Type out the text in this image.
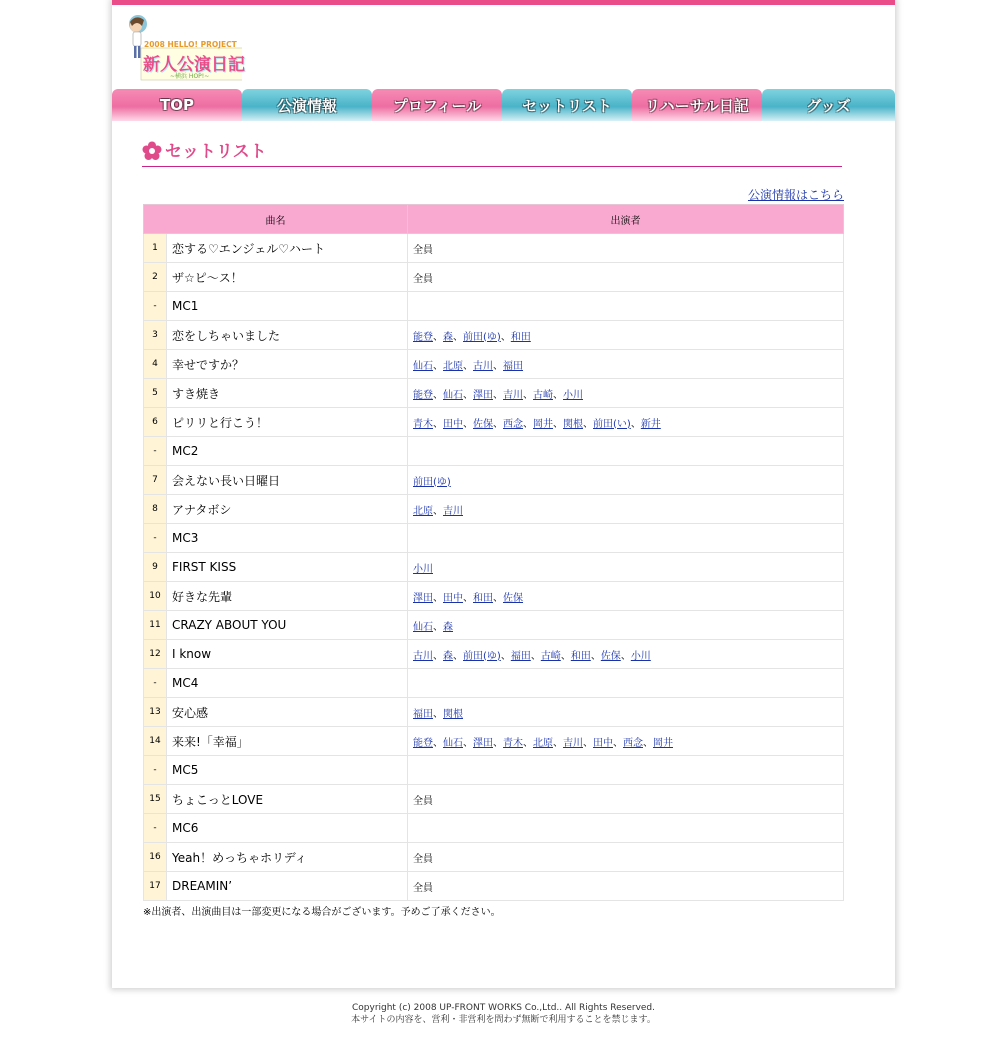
2008 HELLO! PROJECT
新人公演日記
~横浜 HOP!~
TOP	公演情報	プロフィール	セットリスト	リハーサル日記	グッズ
セットリスト
公演情報はこちら
曲名		出演者
1	恋する♡エンジェル♡ハート	全員
2	ザ☆ピ～ス！	全員
-	MC1	
3	恋をしちゃいました	能登、森、前田(ゆ)、和田
4	幸せですか？	仙石、北原、古川、福田
5	すき焼き	能登、仙石、澤田、吉川、古崎、小川
6	ピリリと行こう！	青木、田中、佐保、西念、岡井、関根、前田(い)、新井
-	MC2	
7	会えない長い日曜日	前田(ゆ)
8	アナタボシ	北原、吉川
-	MC3	
9	FIRST KISS	小川
10	好きな先輩	澤田、田中、和田、佐保
11	CRAZY ABOUT YOU	仙石、森
12	I know	古川、森、前田(ゆ)、福田、古崎、和田、佐保、小川
-	MC4	
13	安心感	福田、関根
14	来来!「幸福」	能登、仙石、澤田、青木、北原、吉川、田中、西念、岡井
-	MC5	
15	ちょこっとLOVE	全員
-	MC6	
16	Yeah！めっちゃホリディ	全員
17	DREAMIN’	全員
※出演者、出演曲目は一部変更になる場合がございます。予めご了承ください。
Copyright (c) 2008 UP-FRONT WORKS Co.,Ltd.. All Rights Reserved.
本サイトの内容を、営利・非営利を問わず無断で利用することを禁じます。
